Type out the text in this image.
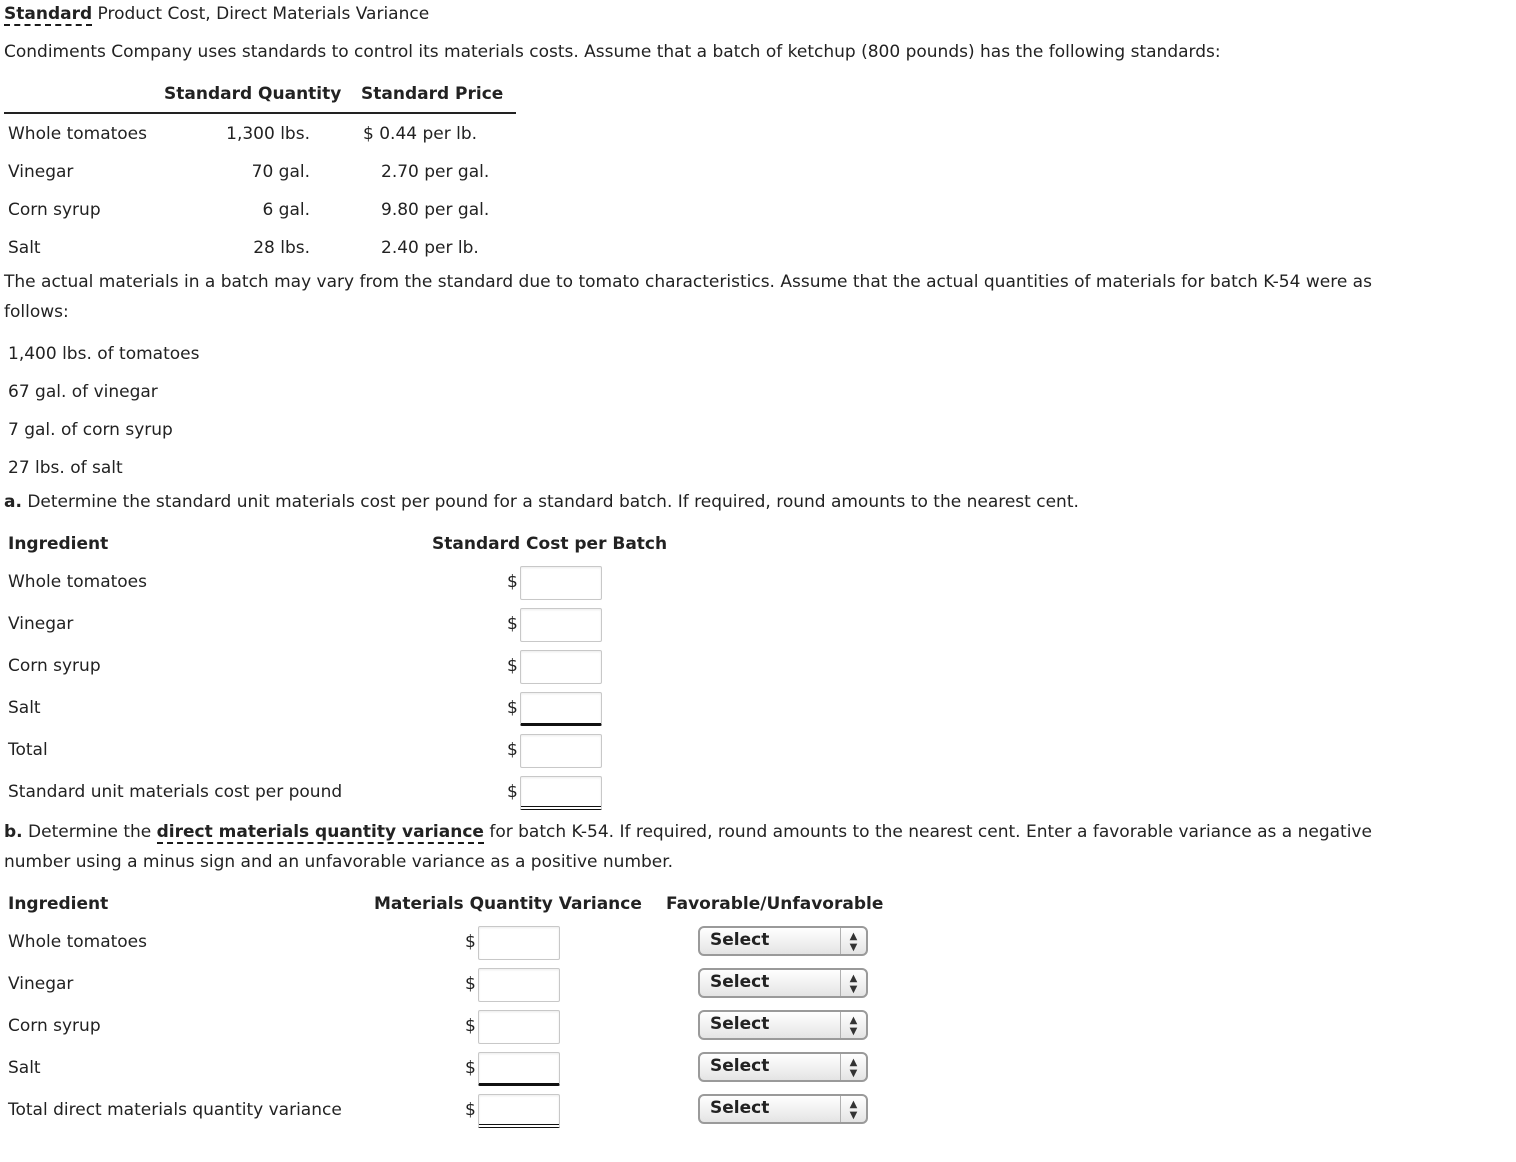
Standard Product Cost, Direct Materials Variance
Condiments Company uses standards to control its materials costs. Assume that a batch of ketchup (800 pounds) has the following standards:
Standard Quantity Standard Price
Whole tomatoes	1,300 lbs.	$ 0.44 per lb.
Vinegar	70 gal.	2.70 per gal.
Corn syrup	6 gal.	9.80 per gal.
Salt	28 lbs.	2.40 per lb.
The actual materials in a batch may vary from the standard due to tomato characteristics. Assume that the actual quantities of materials for batch K-54 were as
follows:
1,400 lbs. of tomatoes
67 gal. of vinegar
7 gal. of corn syrup
27 lbs. of salt
a. Determine the standard unit materials cost per pound for a standard batch. If required, round amounts to the nearest cent.
Ingredient	Standard Cost per Batch
Whole tomatoes	$
Vinegar	$
Corn syrup	$
Salt	$
Total	$
Standard unit materials cost per pound	$
b. Determine the direct materials quantity variance for batch K-54. If required, round amounts to the nearest cent. Enter a favorable variance as a negative
number using a minus sign and an unfavorable variance as a positive number.
Ingredient	Materials Quantity Variance Favorable/Unfavorable
Whole tomatoes	$	Select	▲
▼
Vinegar	$	Select	▲
▼
Corn syrup	$	Select	▲
▼
Salt	$	Select	▲
▼
Total direct materials quantity variance	$	Select	▲
▼
